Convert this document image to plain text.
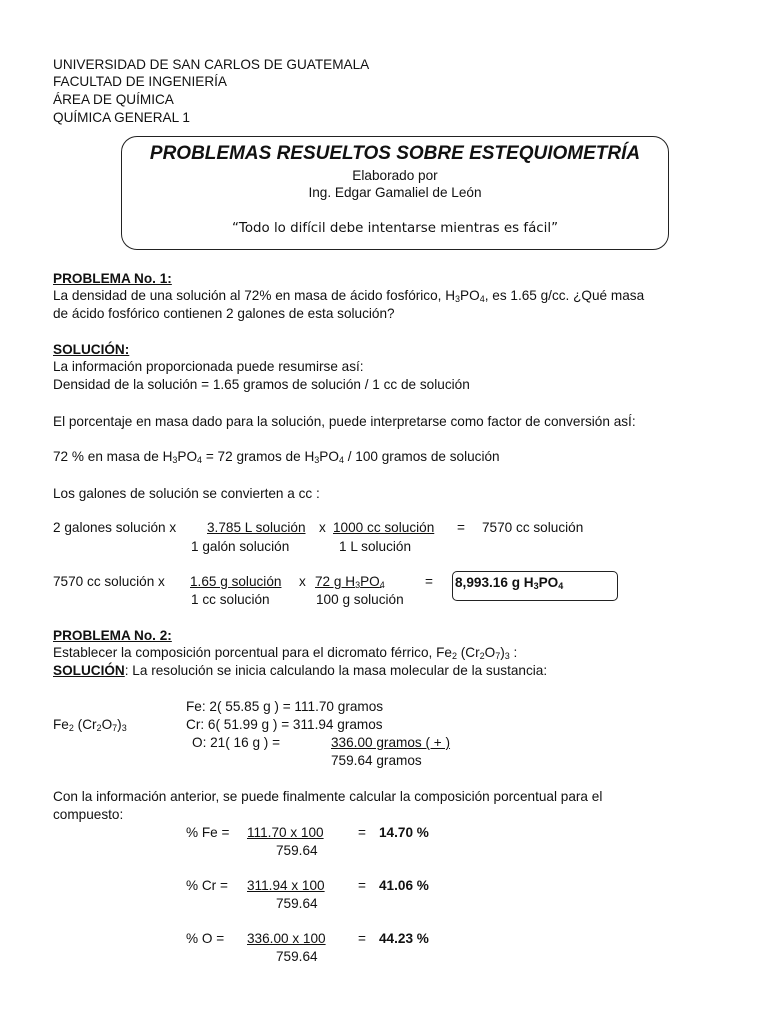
UNIVERSIDAD DE SAN CARLOS DE GUATEMALA
FACULTAD DE INGENIERÍA
ÁREA DE QUÍMICA
QUÍMICA GENERAL 1
PROBLEMAS RESUELTOS SOBRE ESTEQUIOMETRÍA
Elaborado por
Ing. Edgar Gamaliel de León
“Todo lo difícil debe intentarse mientras es fácil”
PROBLEMA No. 1:
La densidad de una solución al 72% en masa de ácido fosfórico, $H_3PO_4$, es 1.65 g/cc. ¿Qué masa
de ácido fosfórico contienen 2 galones de esta solución?
SOLUCIÓN:
La información proporcionada puede resumirse así:
Densidad de la solución = 1.65 gramos de solución / 1 cc de solución
El porcentaje en masa dado para la solución, puede interpretarse como factor de conversión asÍ:
72 % en masa de $H_3PO_4 = 72$ gramos de $H_3PO_4 / 100$ gramos de solución
Los galones de solución se convierten a cc :
2 galones solución x 3.785 L solución x 1000 cc solución = 7570 cc solución
1 galón solución	1 L solución
7570 cc solución x 1.65 g solución x 72 g $H_3PO_4$	=
1 cc solución	100 g solución
8,993.16 g $H_3PO_4$
PROBLEMA No. 2:
Establecer la composición porcentual para el dicromato férrico, $Fe_2$ $(Cr_2O_7)_3$ :
SOLUCIÓN: La resolución se inicia calculando la masa molecular de la sustancia:
$Fe_2$ $(Cr_2O_7)_3$
Fe: 2( 55.85 g ) = 111.70 gramos
Cr: 6( 51.99 g ) = 311.94 gramos
O: 21( 16 g ) =	336.00 gramos ( + )
759.64 gramos
Con la información anterior, se puede finalmente calcular la composición porcentual para el
compuesto:
% Fe = 111.70 x 100	= 14.70 %
759.64
% Cr = 311.94 x 100 = 41.06 %
759.64
% O = 336.00 x 100 = 44.23 %
759.64
